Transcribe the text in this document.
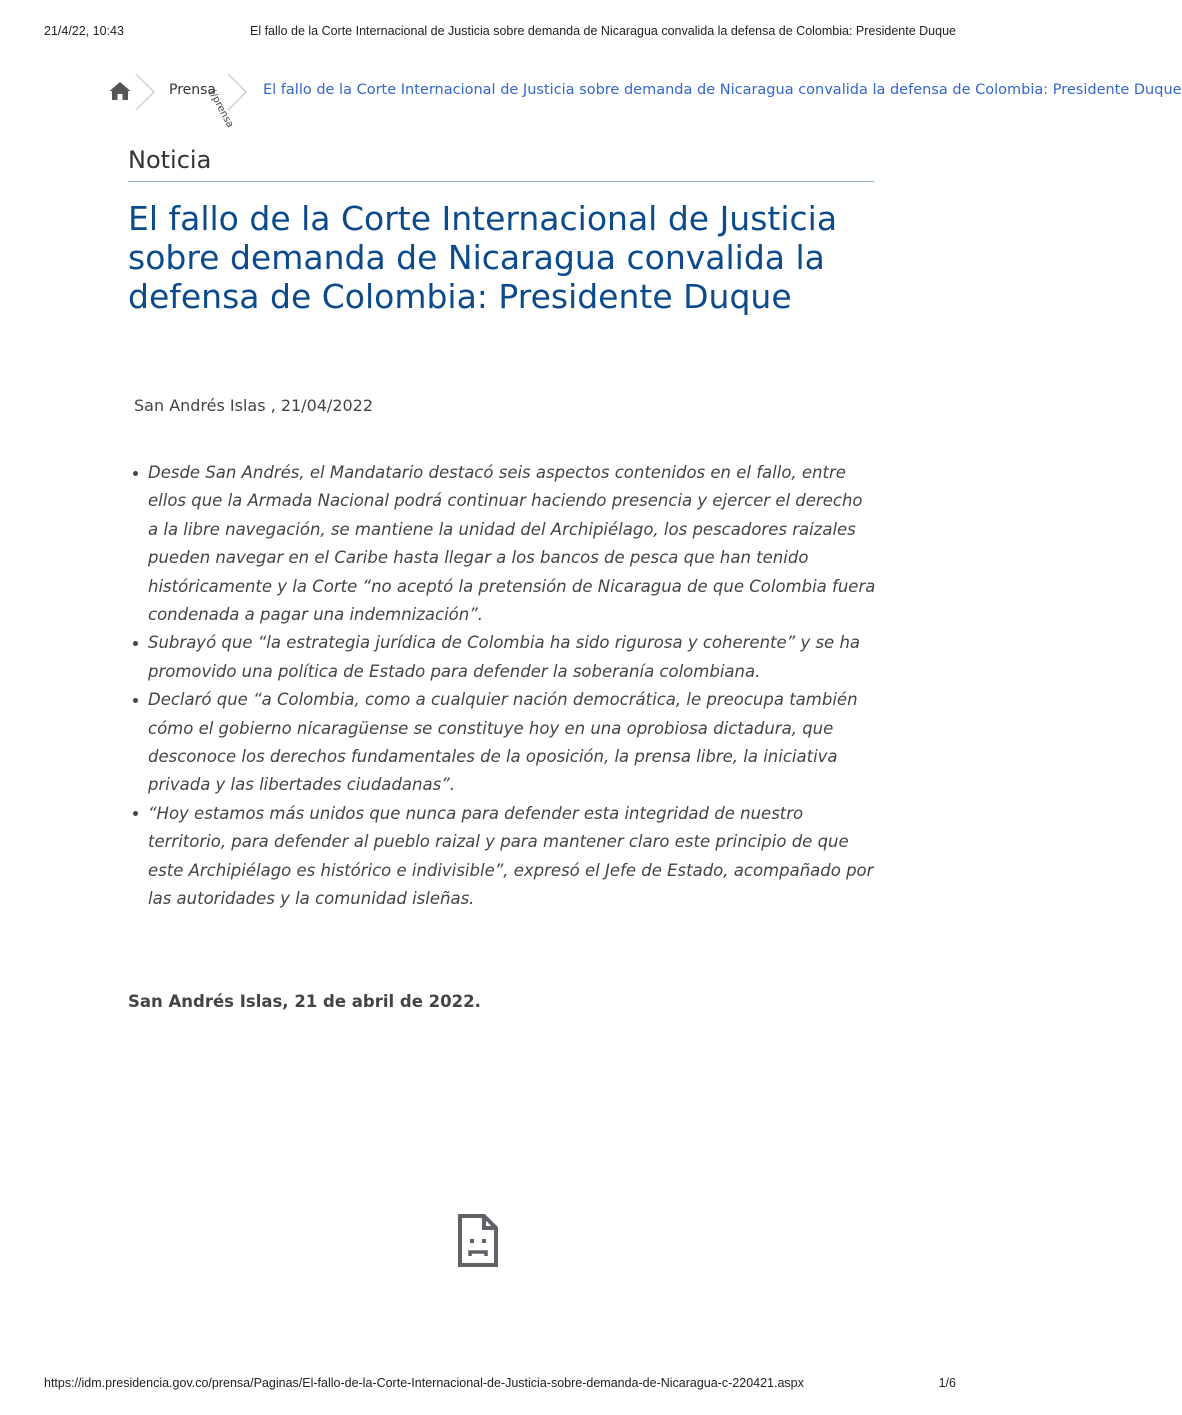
21/4/22, 10:43	El fallo de la Corte Internacional de Justicia sobre demanda de Nicaragua convalida la defensa de Colombia: Presidente Duque
Prensa
(/prensa El fallo de la Corte Internacional de Justicia sobre demanda de Nicaragua convalida la defensa de Colombia: Presidente Duque
Noticia
El fallo de la Corte Internacional de Justicia sobre demanda de Nicaragua convalida la defensa de Colombia: Presidente Duque
San Andrés Islas , 21/04/2022
Desde San Andrés, el Mandatario destacó seis aspectos contenidos en el fallo, entre ellos que la Armada Nacional podrá continuar haciendo presencia y ejercer el derecho a la libre navegación, se mantiene la unidad del Archipiélago, los pescadores raizales pueden navegar en el Caribe hasta llegar a los bancos de pesca que han tenido históricamente y la Corte “no aceptó la pretensión de Nicaragua de que Colombia fuera condenada a pagar una indemnización”.
Subrayó que “la estrategia jurídica de Colombia ha sido rigurosa y coherente” y se ha promovido una política de Estado para defender la soberanía colombiana.
Declaró que “a Colombia, como a cualquier nación democrática, le preocupa también cómo el gobierno nicaragüense se constituye hoy en una oprobiosa dictadura, que desconoce los derechos fundamentales de la oposición, la prensa libre, la iniciativa privada y las libertades ciudadanas”.
“Hoy estamos más unidos que nunca para defender esta integridad de nuestro territorio, para defender al pueblo raizal y para mantener claro este principio de que este Archipiélago es histórico e indivisible”, expresó el Jefe de Estado, acompañado por las autoridades y la comunidad isleñas.
San Andrés Islas, 21 de abril de 2022.
https://idm.presidencia.gov.co/prensa/Paginas/El-fallo-de-la-Corte-Internacional-de-Justicia-sobre-demanda-de-Nicaragua-c-220421.aspx	1/6
